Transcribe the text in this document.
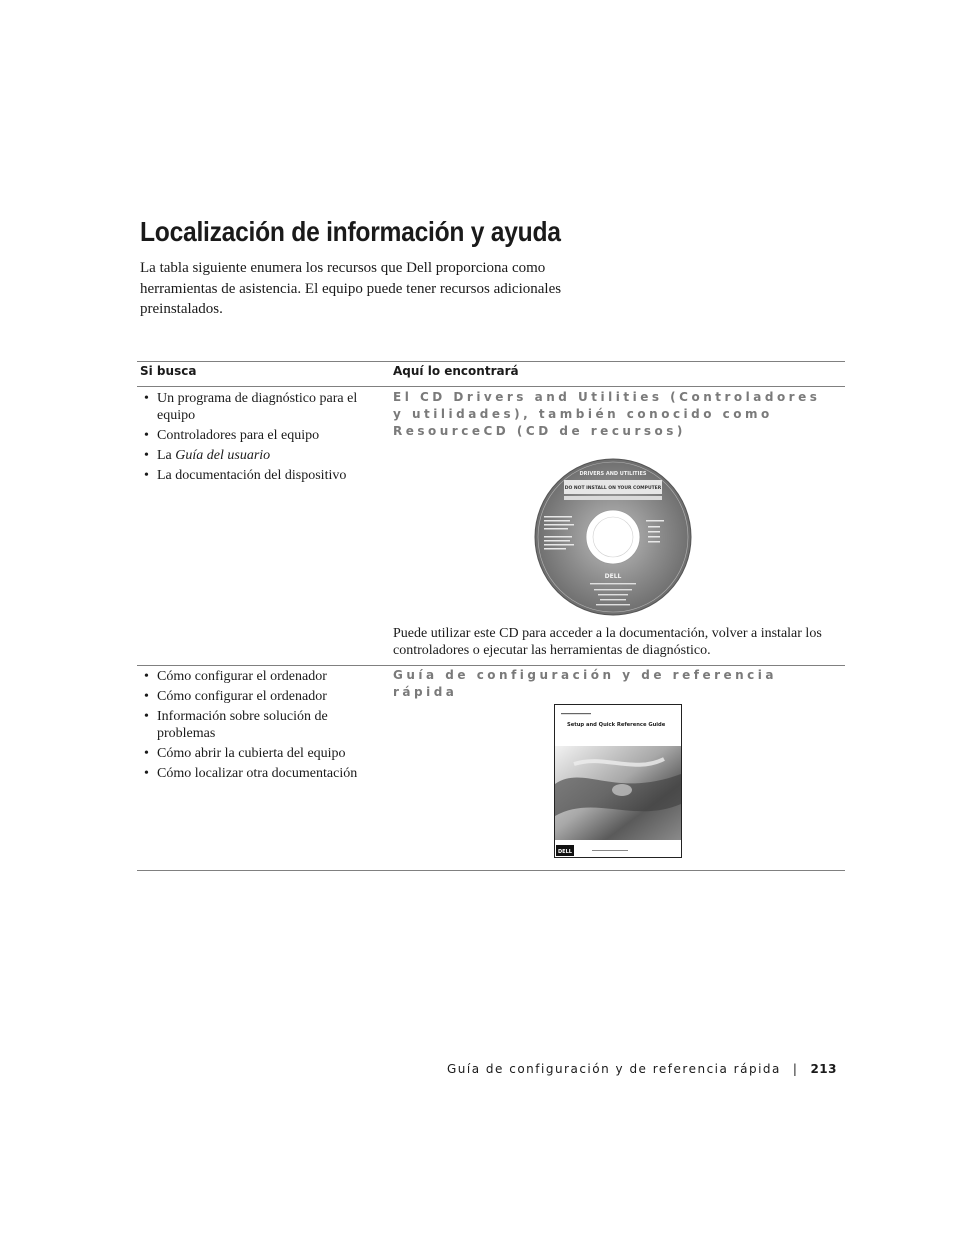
Localización de información y ayuda

La tabla siguiente enumera los recursos que Dell proporciona como herramientas de asistencia. El equipo puede tener recursos adicionales preinstalados.

Si busca	Aquí lo encontrará
• Un programa de diagnóstico para el equipo
• Controladores para el equipo
• La Guía del usuario
• La documentación del dispositivo
El CD Drivers and Utilities (Controladores y utilidades), también conocido como ResourceCD (CD de recursos)
DRIVERS AND UTILITIES
DO NOT INSTALL ON YOUR COMPUTER
DELL
Puede utilizar este CD para acceder a la documentación, volver a instalar los controladores o ejecutar las herramientas de diagnóstico.
• Cómo configurar el ordenador
• Cómo configurar el ordenador
• Información sobre solución de problemas
• Cómo abrir la cubierta del equipo
• Cómo localizar otra documentación
Guía de configuración y de referencia rápida
Setup and Quick Reference Guide
DELL
Guía de configuración y de referencia rápida | 213
